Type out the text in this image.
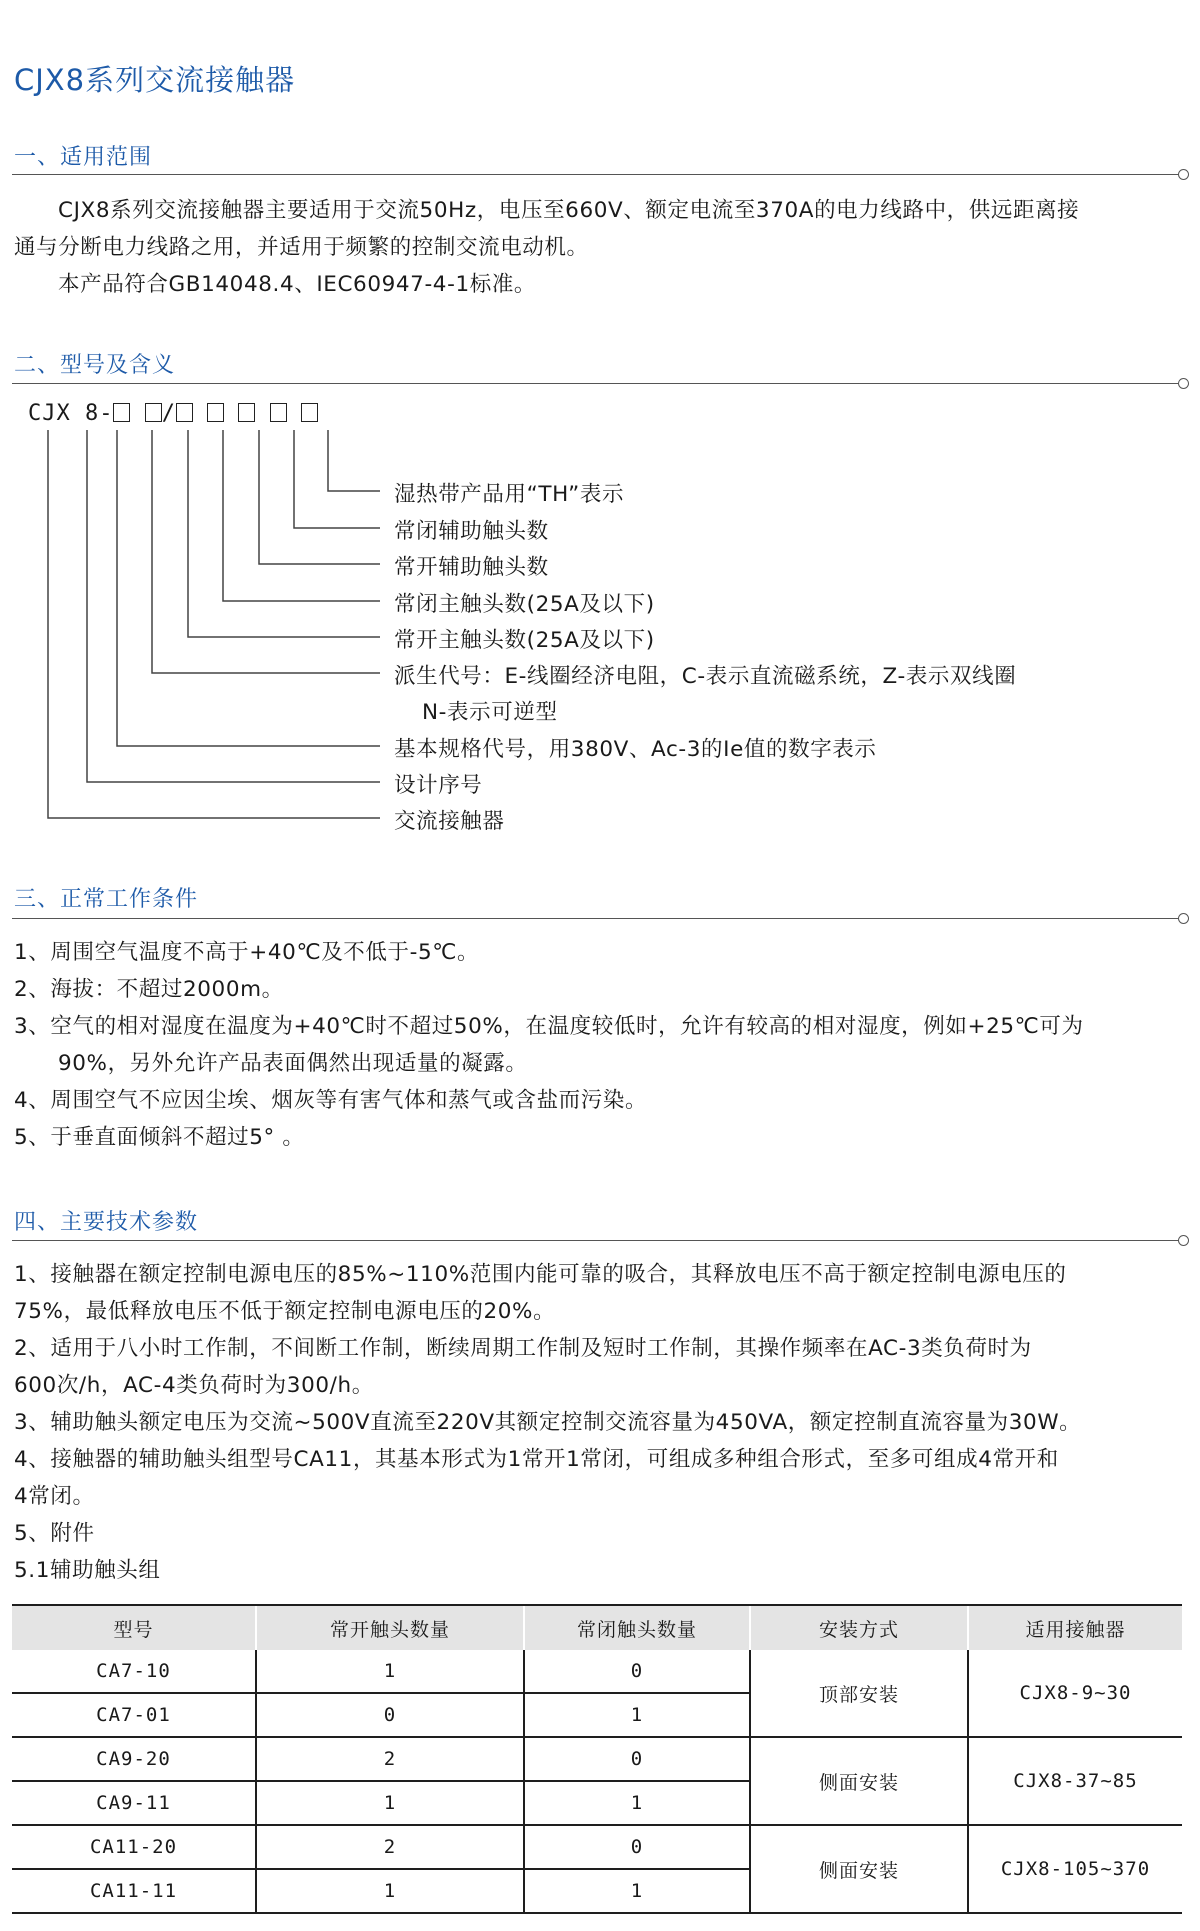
CJX8系列交流接触器
一、适用范围
CJX8系列交流接触器主要适用于交流50Hz，电压至660V、额定电流至370A的电力线路中，供远距离接
通与分断电力线路之用，并适用于频繁的控制交流电动机。
本产品符合GB14048.4、IEC60947-4-1标准。
二、型号及含义
CJX 8- /
湿热带产品用“TH”表示
常闭辅助触头数
常开辅助触头数
常闭主触头数(25A及以下)
常开主触头数(25A及以下)
派生代号：E-线圈经济电阻，C-表示直流磁系统，Z-表示双线圈
N-表示可逆型
基本规格代号，用380V、Ac-3的Ie值的数字表示
设计序号
交流接触器
三、正常工作条件
1、周围空气温度不高于+40℃及不低于-5℃。
2、海拔：不超过2000m。
3、空气的相对湿度在温度为+40℃时不超过50%，在温度较低时，允许有较高的相对湿度，例如+25℃可为
90%，另外允许产品表面偶然出现适量的凝露。
4、周围空气不应因尘埃、烟灰等有害气体和蒸气或含盐而污染。
5、于垂直面倾斜不超过5° 。
四、主要技术参数
1、接触器在额定控制电源电压的85%~110%范围内能可靠的吸合，其释放电压不高于额定控制电源电压的
75%，最低释放电压不低于额定控制电源电压的20%。
2、适用于八小时工作制，不间断工作制，断续周期工作制及短时工作制，其操作频率在AC-3类负荷时为
600次/h，AC-4类负荷时为300/h。
3、辅助触头额定电压为交流~500V直流至220V其额定控制交流容量为450VA，额定控制直流容量为30W。
4、接触器的辅助触头组型号CA11，其基本形式为1常开1常闭，可组成多种组合形式，至多可组成4常开和
4常闭。
5、附件
5.1辅助触头组
型号	常开触头数量	常闭触头数量	安装方式	适用接触器
CA7-10	1	0	顶部安装	CJX8-9~30
CA7-01	0	1		
CA9-20	2	0	侧面安装	CJX8-37~85
CA9-11	1	1		
CA11-20	2	0	侧面安装	CJX8-105~370
CA11-11	1	1		
